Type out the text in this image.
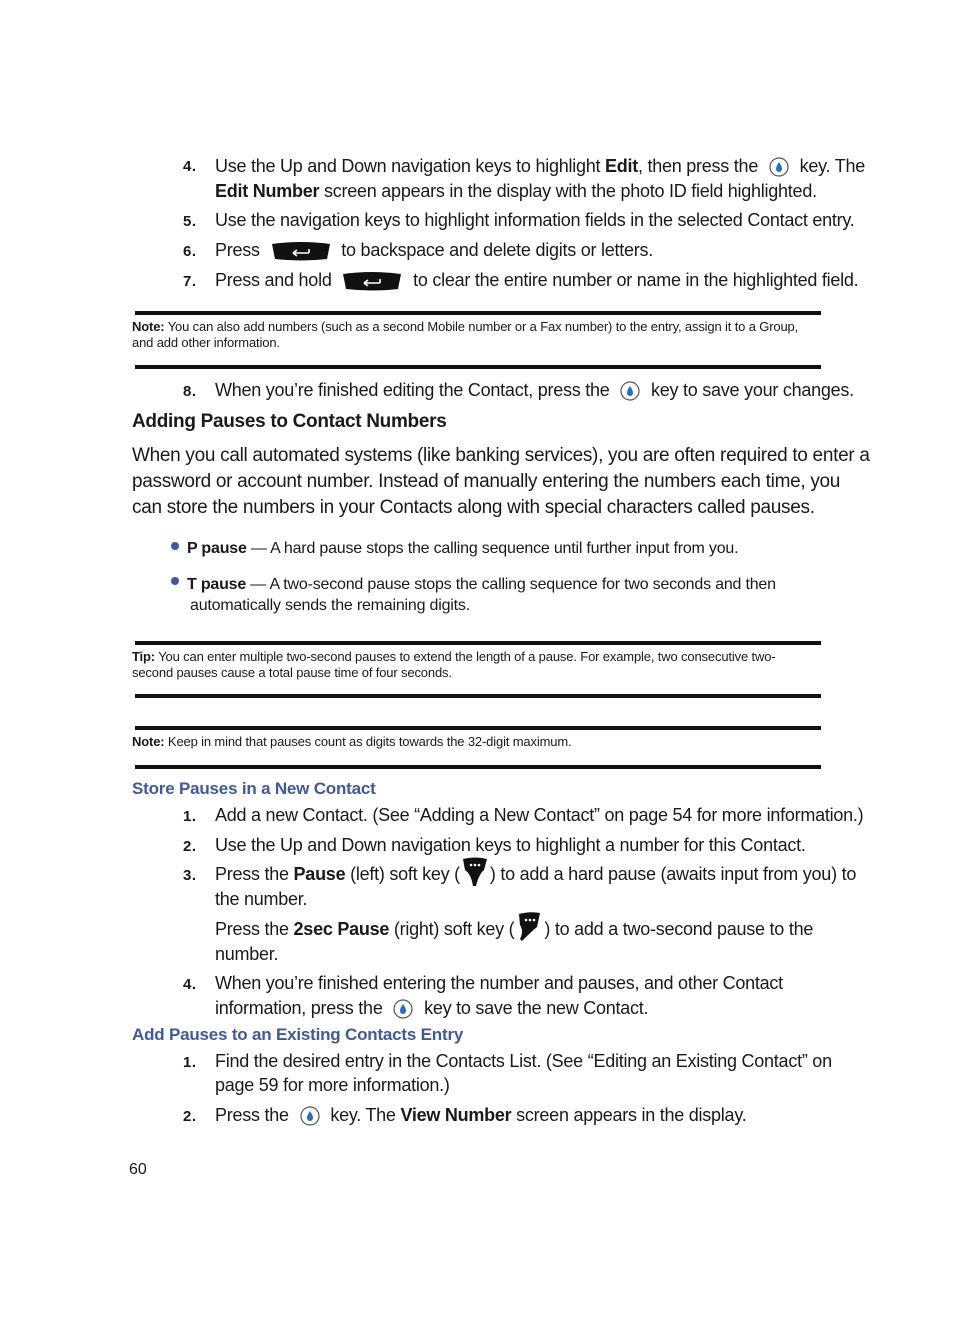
4. Use the Up and Down navigation keys to highlight Edit, then press the key. The
Edit Number screen appears in the display with the photo ID field highlighted.
5. Use the navigation keys to highlight information fields in the selected Contact entry.
6. Press	to backspace and delete digits or letters.
7. Press and hold	to clear the entire number or name in the highlighted field.
Note: You can also add numbers (such as a second Mobile number or a Fax number) to the entry, assign it to a Group,
and add other information.
8. When you’re finished editing the Contact, press the key to save your changes.
Adding Pauses to Contact Numbers
When you call automated systems (like banking services), you are often required to enter a
password or account number. Instead of manually entering the numbers each time, you
can store the numbers in your Contacts along with special characters called pauses.
P pause — A hard pause stops the calling sequence until further input from you.
T pause — A two-second pause stops the calling sequence for two seconds and then
automatically sends the remaining digits.
Tip: You can enter multiple two-second pauses to extend the length of a pause. For example, two consecutive two-
second pauses cause a total pause time of four seconds.
Note: Keep in mind that pauses count as digits towards the 32-digit maximum.
Store Pauses in a New Contact
1. Add a new Contact. (See “Adding a New Contact” on page 54 for more information.)
2. Use the Up and Down navigation keys to highlight a number for this Contact.
3. Press the Pause (left) soft key ( ) to add a hard pause (awaits input from you) to
the number.
Press the 2sec Pause (right) soft key ( ) to add a two-second pause to the
number.
4. When you’re finished entering the number and pauses, and other Contact
information, press the key to save the new Contact.
Add Pauses to an Existing Contacts Entry
1. Find the desired entry in the Contacts List. (See “Editing an Existing Contact” on
page 59 for more information.)
2. Press the key. The View Number screen appears in the display.
60
